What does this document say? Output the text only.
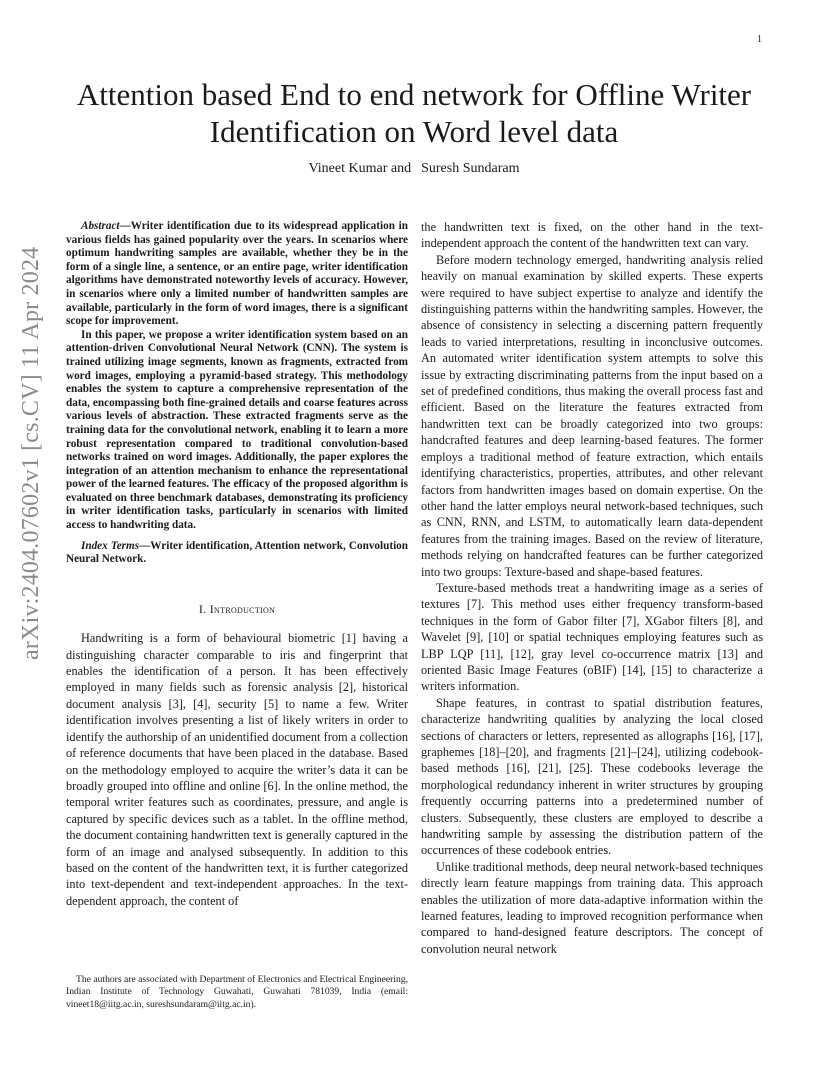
1
arXiv:2404.07602v1 [cs.CV] 11 Apr 2024
Attention based End to end network for Offline Writer Identification on Word level data
Vineet Kumar and Suresh Sundaram

Abstract—Writer identification due to its widespread application in various fields has gained popularity over the years. In scenarios where optimum handwriting samples are available, whether they be in the form of a single line, a sentence, or an entire page, writer identification algorithms have demonstrated noteworthy levels of accuracy. However, in scenarios where only a limited number of handwritten samples are available, particularly in the form of word images, there is a significant scope for improvement.

In this paper, we propose a writer identification system based on an attention-driven Convolutional Neural Network (CNN). The system is trained utilizing image segments, known as fragments, extracted from word images, employing a pyramid-based strategy. This methodology enables the system to capture a comprehensive representation of the data, encompassing both fine-grained details and coarse features across various levels of abstraction. These extracted fragments serve as the training data for the convolutional network, enabling it to learn a more robust representation compared to traditional convolution-based networks trained on word images. Additionally, the paper explores the integration of an attention mechanism to enhance the representational power of the learned features. The efficacy of the proposed algorithm is evaluated on three benchmark databases, demonstrating its proficiency in writer identification tasks, particularly in scenarios with limited access to handwriting data.

Index Terms—Writer identification, Attention network, Convolution Neural Network.

I. Introduction

Handwriting is a form of behavioural biometric [1] having a distinguishing character comparable to iris and fingerprint that enables the identification of a person. It has been effectively employed in many fields such as forensic analysis [2], historical document analysis [3], [4], security [5] to name a few. Writer identification involves presenting a list of likely writers in order to identify the authorship of an unidentified document from a collection of reference documents that have been placed in the database. Based on the methodology employed to acquire the writer’s data it can be broadly grouped into offline and online [6]. In the online method, the temporal writer features such as coordinates, pressure, and angle is captured by specific devices such as a tablet. In the offline method, the document containing handwritten text is generally captured in the form of an image and analysed subsequently. In addition to this based on the content of the handwritten text, it is further categorized into text-dependent and text-independent approaches. In the text-dependent approach, the content of

The authors are associated with Department of Electronics and Electrical Engineering, Indian Institute of Technology Guwahati, Guwahati 781039, India (email: vineet18@iitg.ac.in, sureshsundaram@iitg.ac.in).

the handwritten text is fixed, on the other hand in the text-independent approach the content of the handwritten text can vary.

Before modern technology emerged, handwriting analysis relied heavily on manual examination by skilled experts. These experts were required to have subject expertise to analyze and identify the distinguishing patterns within the handwriting samples. However, the absence of consistency in selecting a discerning pattern frequently leads to varied interpretations, resulting in inconclusive outcomes. An automated writer identification system attempts to solve this issue by extracting discriminating patterns from the input based on a set of predefined conditions, thus making the overall process fast and efficient. Based on the literature the features extracted from handwritten text can be broadly categorized into two groups: handcrafted features and deep learning-based features. The former employs a traditional method of feature extraction, which entails identifying characteristics, properties, attributes, and other relevant factors from handwritten images based on domain expertise. On the other hand the latter employs neural network-based techniques, such as CNN, RNN, and LSTM, to automatically learn data-dependent features from the training images. Based on the review of literature, methods relying on handcrafted features can be further categorized into two groups: Texture-based and shape-based features.

Texture-based methods treat a handwriting image as a series of textures [7]. This method uses either frequency transform-based techniques in the form of Gabor filter [7], XGabor filters [8], and Wavelet [9], [10] or spatial techniques employing features such as LBP LQP [11], [12], gray level co-occurrence matrix [13] and oriented Basic Image Features (oBIF) [14], [15] to characterize a writers information.

Shape features, in contrast to spatial distribution features, characterize handwriting qualities by analyzing the local closed sections of characters or letters, represented as allographs [16], [17], graphemes [18]–[20], and fragments [21]–[24], utilizing codebook-based methods [16], [21], [25]. These codebooks leverage the morphological redundancy inherent in writer structures by grouping frequently occurring patterns into a predetermined number of clusters. Subsequently, these clusters are employed to describe a handwriting sample by assessing the distribution pattern of the occurrences of these codebook entries.

Unlike traditional methods, deep neural network-based techniques directly learn feature mappings from training data. This approach enables the utilization of more data-adaptive information within the learned features, leading to improved recognition performance when compared to hand-designed feature descriptors. The concept of convolution neural network
